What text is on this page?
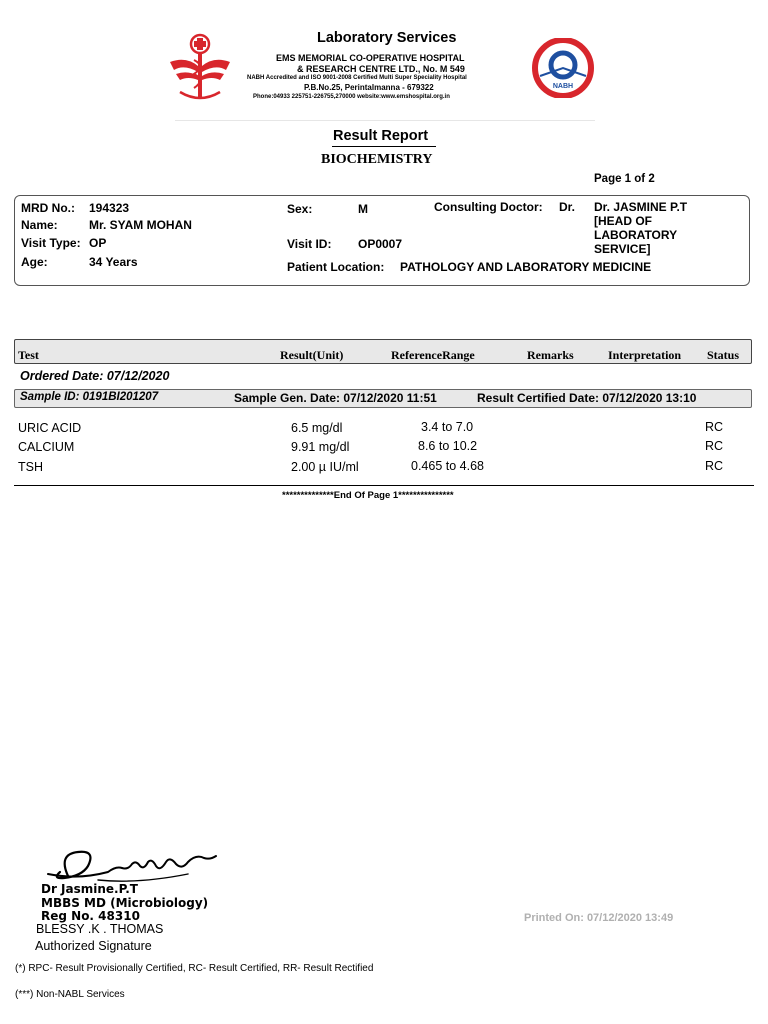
Laboratory Services
EMS MEMORIAL CO-OPERATIVE HOSPITAL
& RESEARCH CENTRE LTD., No. M 549
NABH Accredited and ISO 9001-2008 Certified Multi Super Speciality Hospital
P.B.No.25, Perintalmanna - 679322
Phone:04933 225751-226755,270000 website:www.emshospital.org.in
NABH
Result Report
BIOCHEMISTRY
Page 1 of 2
MRD No.: 194323
Name:	Mr. SYAM MOHAN
Visit Type: OP
Age:	34 Years
Sex:	M
Visit ID: OP0007
Patient Location: PATHOLOGY AND LABORATORY MEDICINE
Consulting Doctor: Dr. Dr. JASMINE P.T
[HEAD OF
LABORATORY
SERVICE]
Test	Result(Unit)	ReferenceRange	Remarks	Interpretation Status
Ordered Date: 07/12/2020
Sample ID: 0191BI201207	Sample Gen. Date: 07/12/2020 11:51	Result Certified Date: 07/12/2020 13:10
URIC ACID	6.5 mg/dl	3.4 to 7.0	RC
CALCIUM	9.91 mg/dl	8.6 to 10.2	RC
TSH	2.00 µ IU/ml	0.465 to 4.68	RC
**************End Of Page 1***************
Dr Jasmine.P.T
MBBS MD (Microbiology)
Reg No. 48310
BLESSY .K . THOMAS
Authorized Signature
Printed On: 07/12/2020 13:49
(*) RPC- Result Provisionally Certified, RC- Result Certified, RR- Result Rectified
(***) Non-NABL Services
